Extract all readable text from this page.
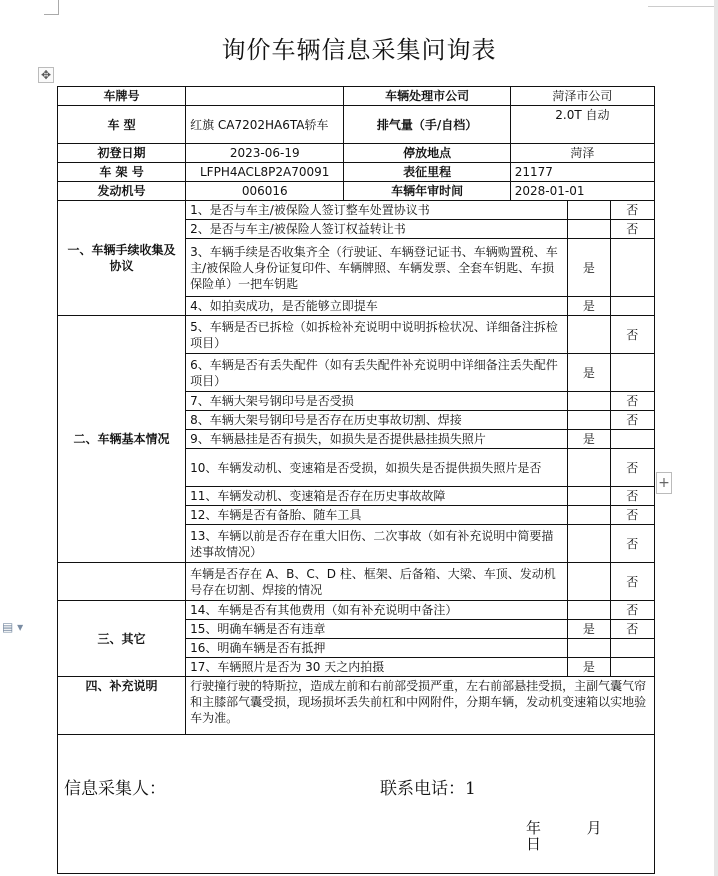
询价车辆信息采集问询表
✥
+
▤ ▾
车牌号		车辆处理市公司	菏泽市公司		
车 型	红旗 CA7202HA6TA轿车	排气量（手/自档）	2.0T 自动		
初登日期	2023-06-19	停放地点	菏泽		
车 架 号	LFPH4ACL8P2A70091	表征里程	21177		
发动机号	006016	车辆年审时间	2028-01-01		
一、车辆手续收集及协议	1、是否与车主/被保险人签订整车处置协议书				否
	2、是否与车主/被保险人签订权益转让书				否
	3、车辆手续是否收集齐全（行驶证、车辆登记证书、车辆购置税、车主/被保险人身份证复印件、车辆牌照、车辆发票、全套车钥匙、车损保险单）一把车钥匙			是	
	4、如拍卖成功，是否能够立即提车			是	
二、车辆基本情况	5、车辆是否已拆检（如拆检补充说明中说明拆检状况、详细备注拆检项目）				否
	6、车辆是否有丢失配件（如有丢失配件补充说明中详细备注丢失配件项目）			是	
	7、车辆大架号钢印号是否受损				否
	8、车辆大架号钢印号是否存在历史事故切割、焊接				否
	9、车辆悬挂是否有损失，如损失是否提供悬挂损失照片			是	
	10、车辆发动机、变速箱是否受损，如损失是否提供损失照片是否				否
	11、车辆发动机、变速箱是否存在历史事故故障				否
	12、车辆是否有备胎、随车工具				否
	13、车辆以前是否存在重大旧伤、二次事故（如有补充说明中简要描述事故情况）				否
	车辆是否存在 A、B、C、D 柱、框架、后备箱、大梁、车顶、发动机号存在切割、焊接的情况				否
三、其它	14、车辆是否有其他费用（如有补充说明中备注）				否
	15、明确车辆是否有违章			是	否
	16、明确车辆是否有抵押				
	17、车辆照片是否为 30 天之内拍摄			是	
四、补充说明	行驶撞行驶的特斯拉，造成左前和右前部受损严重，左右前部悬挂受损，主副气囊气帘和主膝部气囊受损，现场损坏丢失前杠和中网附件，分期车辆，发动机变速箱以实地验车为准。				

信息采集人： 联系电话：1
年 月  日					
